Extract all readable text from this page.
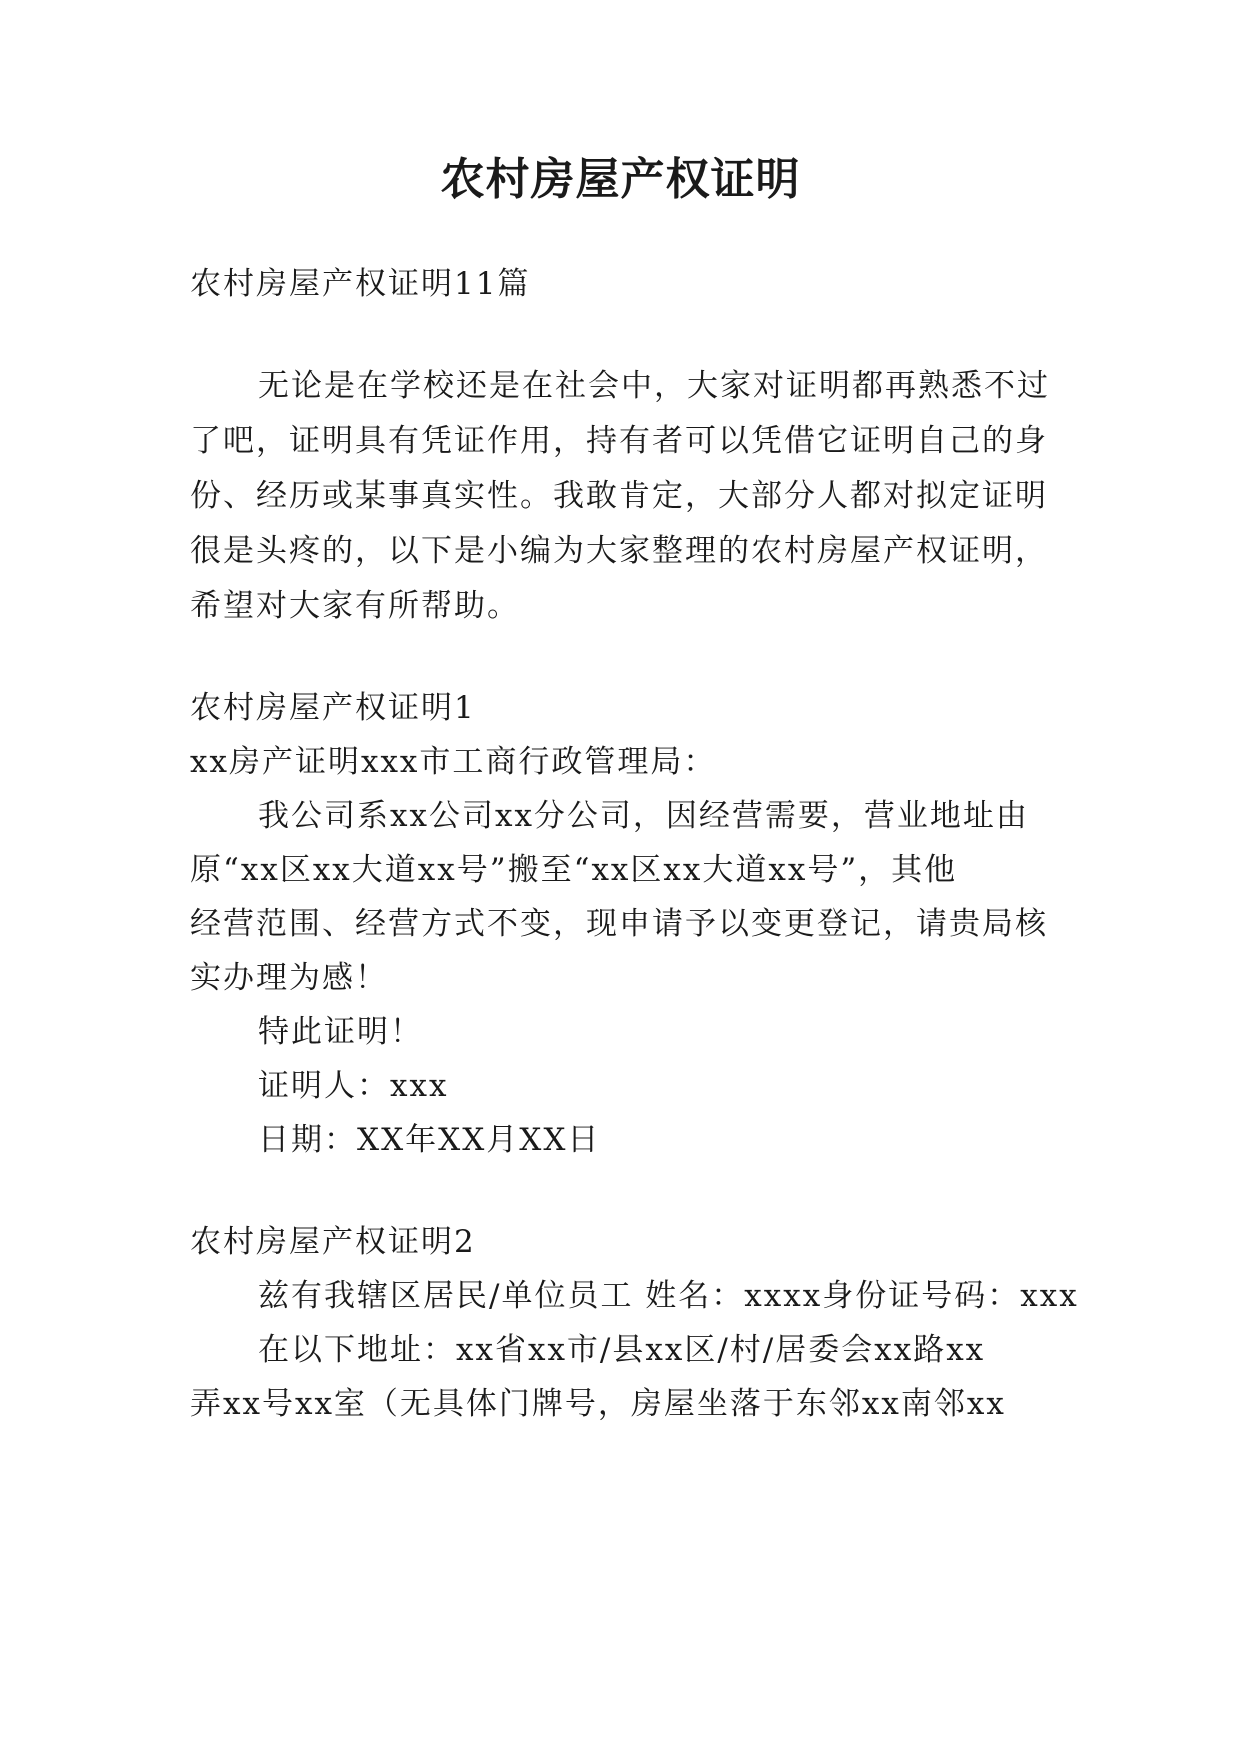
农村房屋产权证明
农村房屋产权证明11篇
无论是在学校还是在社会中，大家对证明都再熟悉不过
了吧，证明具有凭证作用，持有者可以凭借它证明自己的身
份、经历或某事真实性。我敢肯定，大部分人都对拟定证明
很是头疼的，以下是小编为大家整理的农村房屋产权证明，
希望对大家有所帮助。
农村房屋产权证明1
xx房产证明xxx市工商行政管理局：
我公司系xx公司xx分公司，因经营需要，营业地址由
原“xx区xx大道xx号”搬至“xx区xx大道xx号”，其他
经营范围、经营方式不变，现申请予以变更登记，请贵局核
实办理为感！
特此证明！
证明人：xxx
日期：XX年XX月XX日
农村房屋产权证明2
兹有我辖区居民/单位员工 姓名：xxxx身份证号码：xxx
在以下地址：xx省xx市/县xx区/村/居委会xx路xx
弄xx号xx室（无具体门牌号，房屋坐落于东邻xx南邻xx
